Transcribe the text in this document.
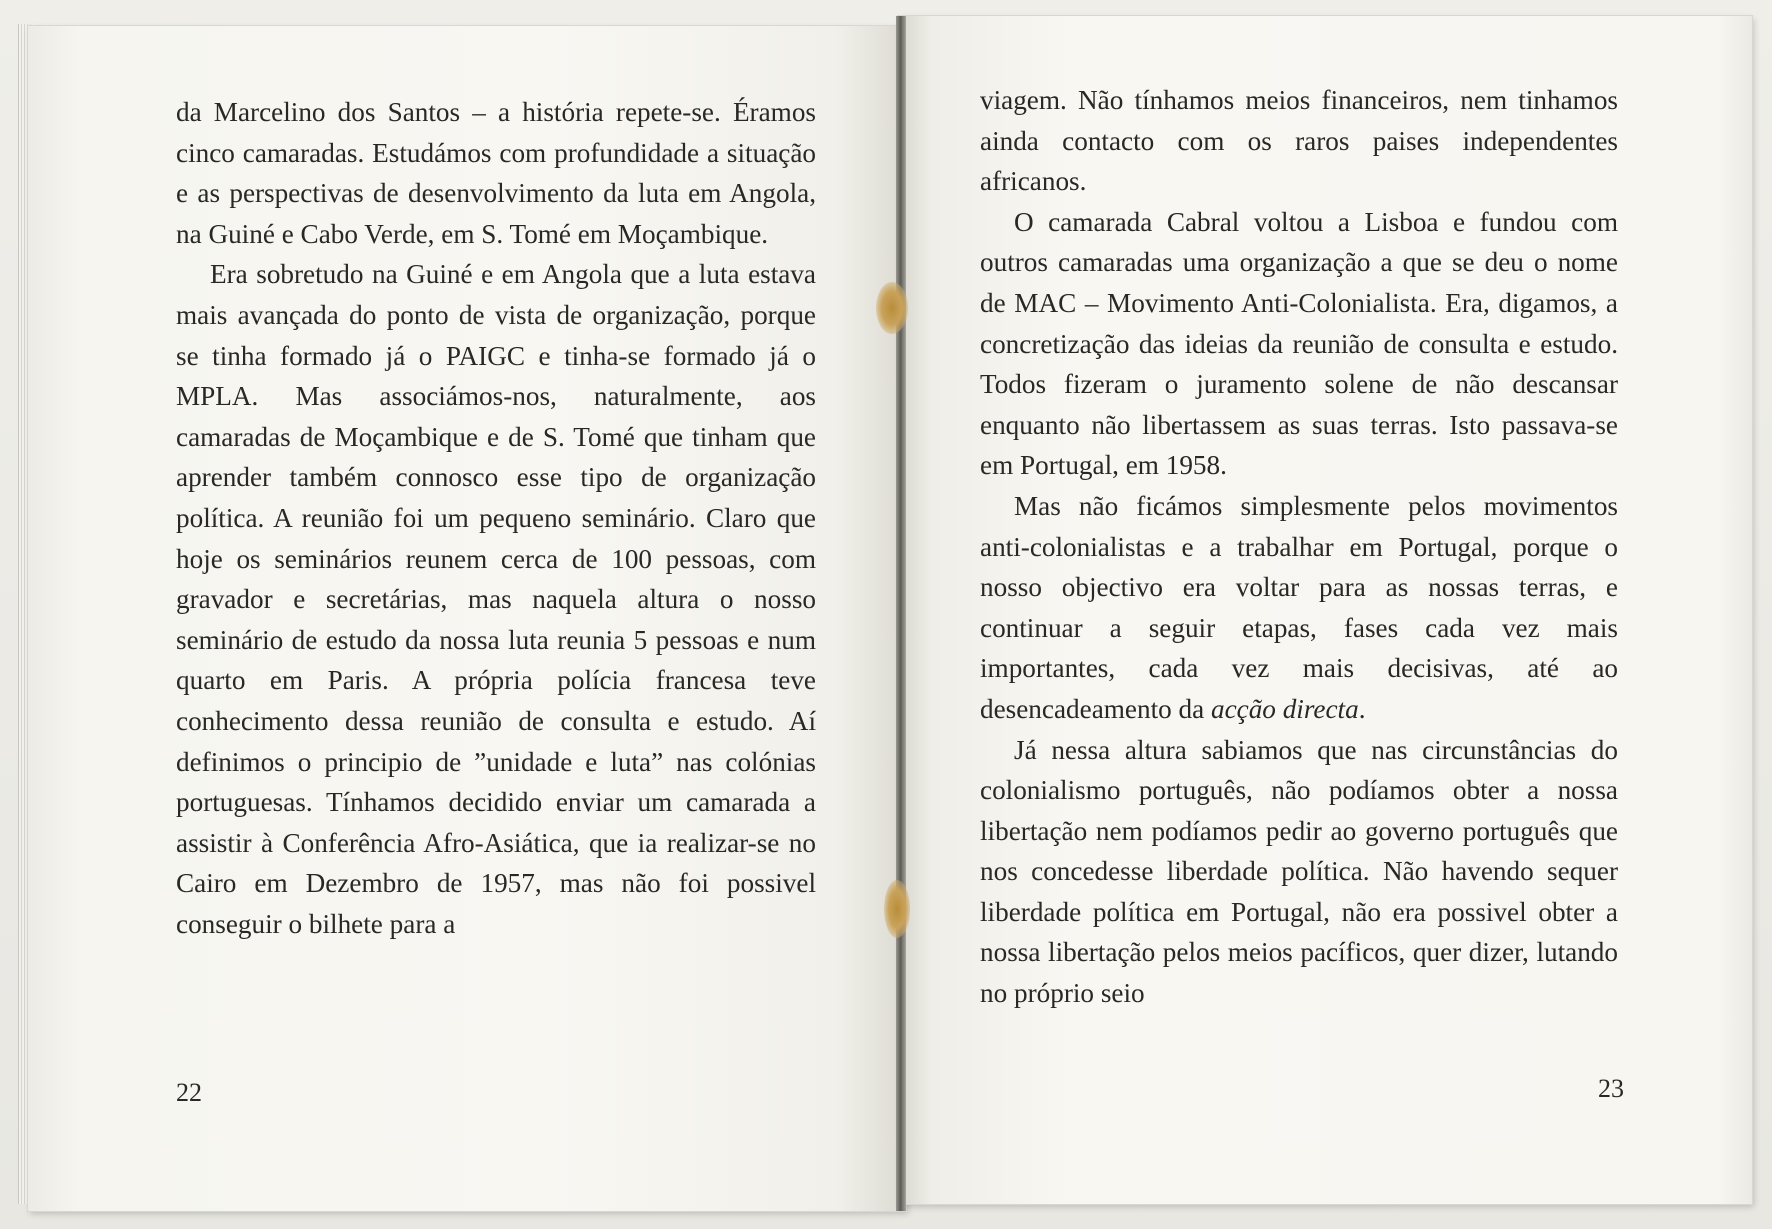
da Marcelino dos Santos – a história repete-se. Éramos cinco camaradas. Estudámos com profundidade a situação e as perspectivas de desenvolvimento da luta em Angola, na Guiné e Cabo Verde, em S. Tomé em Moçambique.

Era sobretudo na Guiné e em Angola que a luta estava mais avançada do ponto de vista de organização, porque se tinha formado já o PAIGC e tinha-se formado já o MPLA. Mas associámos-nos, naturalmente, aos camaradas de Moçambique e de S. Tomé que tinham que aprender também connosco esse tipo de organização política. A reunião foi um pequeno seminário. Claro que hoje os seminários reunem cerca de 100 pessoas, com gravador e secretárias, mas naquela altura o nosso seminário de estudo da nossa luta reunia 5 pessoas e num quarto em Paris. A própria polícia francesa teve conhecimento dessa reunião de consulta e estudo. Aí definimos o principio de ”unidade e luta” nas colónias portuguesas. Tínhamos decidido enviar um camarada a assistir à Conferência Afro-Asiática, que ia realizar-se no Cairo em Dezembro de 1957, mas não foi possivel conseguir o bilhete para a

22

viagem. Não tínhamos meios financeiros, nem tinhamos ainda contacto com os raros paises independentes africanos.

O camarada Cabral voltou a Lisboa e fundou com outros camaradas uma organização a que se deu o nome de MAC – Movimento Anti-Colonialista. Era, digamos, a concretização das ideias da reunião de consulta e estudo. Todos fizeram o juramento solene de não descansar enquanto não libertassem as suas terras. Isto passava-se em Portugal, em 1958.

Mas não ficámos simplesmente pelos movimentos anti-colonialistas e a trabalhar em Portugal, porque o nosso objectivo era voltar para as nossas terras, e continuar a seguir etapas, fases cada vez mais importantes, cada vez mais decisivas, até ao desencadeamento da acção directa.

Já nessa altura sabiamos que nas circunstâncias do colonialismo português, não podíamos obter a nossa libertação nem podíamos pedir ao governo português que nos concedesse liberdade política. Não havendo sequer liberdade política em Portugal, não era possivel obter a nossa libertação pelos meios pacíficos, quer dizer, lutando no próprio seio

23
